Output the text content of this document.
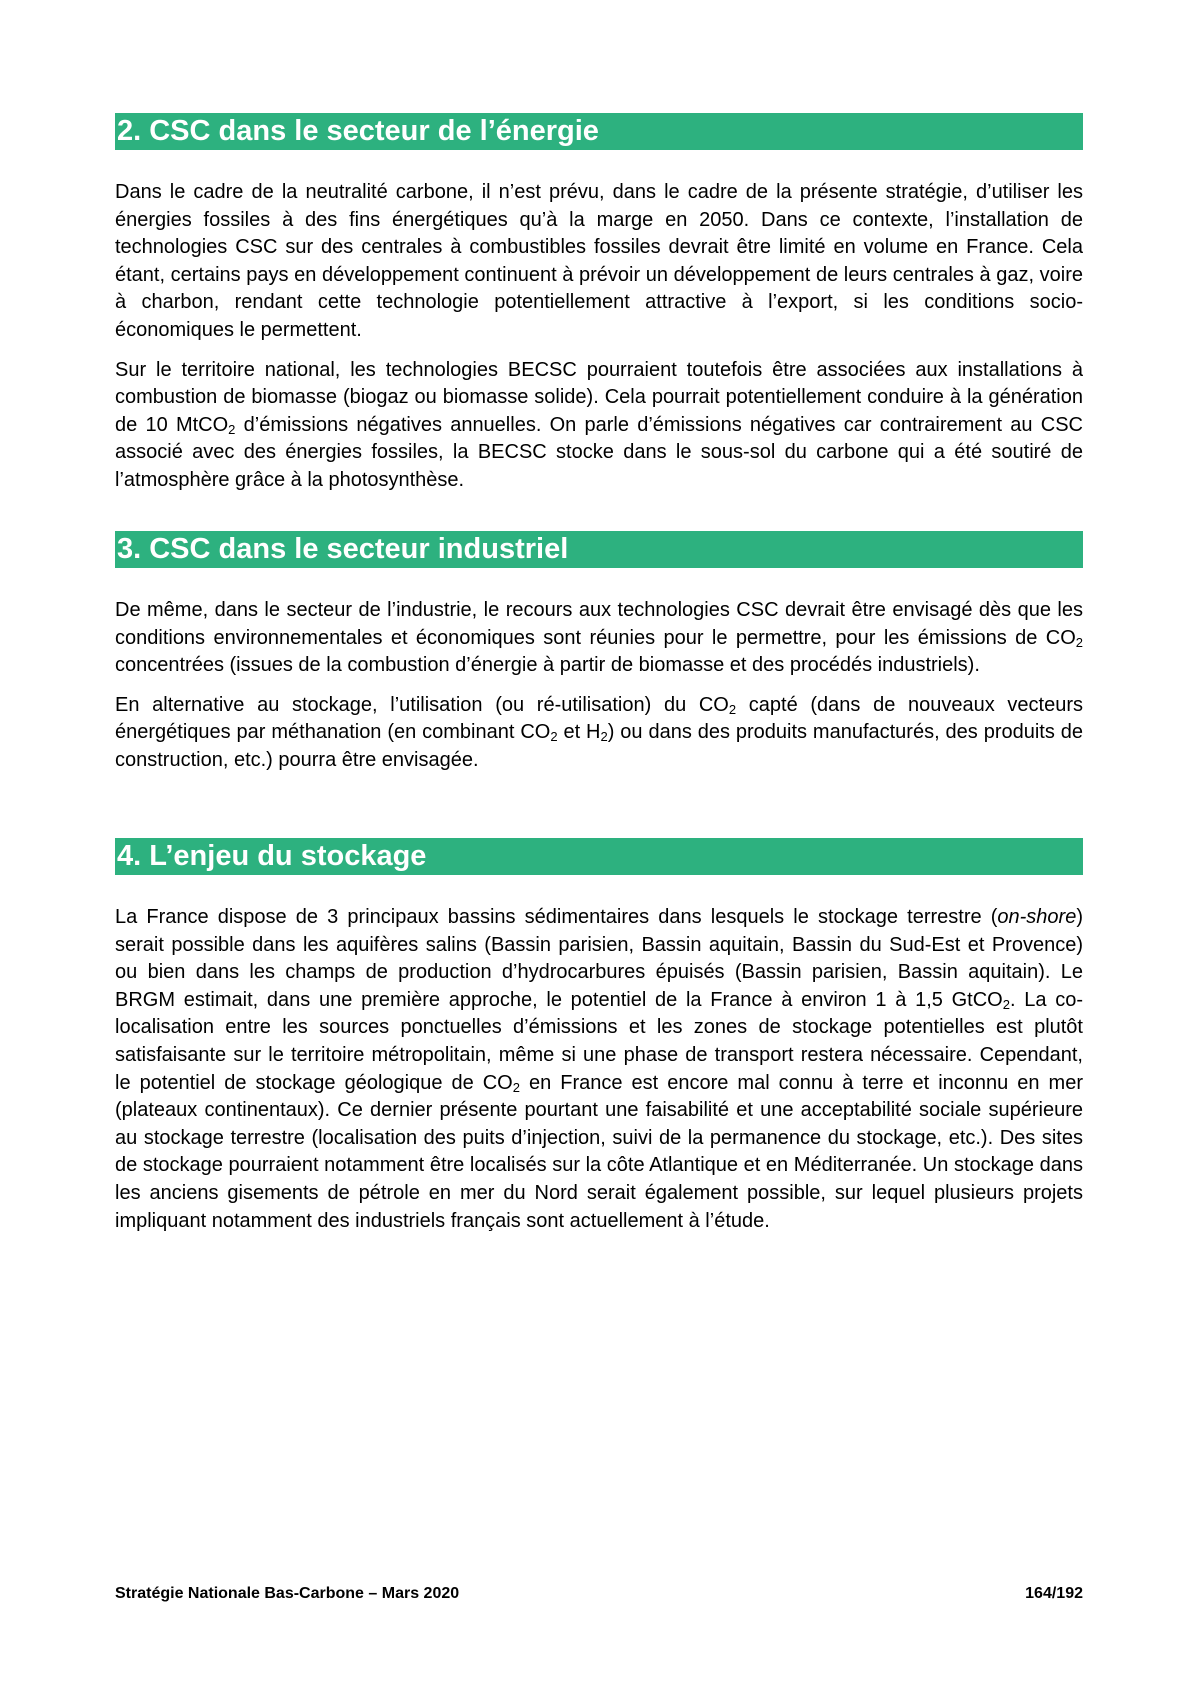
2. CSC dans le secteur de l’énergie

Dans le cadre de la neutralité carbone, il n’est prévu, dans le cadre de la présente stratégie, d’utiliser les énergies fossiles à des fins énergétiques qu’à la marge en 2050. Dans ce contexte, l’installation de technologies CSC sur des centrales à combustibles fossiles devrait être limité en volume en France. Cela étant, certains pays en développement continuent à prévoir un développement de leurs centrales à gaz, voire à charbon, rendant cette technologie potentiellement attractive à l’export, si les conditions socio-économiques le permettent.

Sur le territoire national, les technologies BECSC pourraient toutefois être associées aux installations à combustion de biomasse (biogaz ou biomasse solide). Cela pourrait potentiellement conduire à la génération de 10 MtCO$_2$ d’émissions négatives annuelles. On parle d’émissions négatives car contrairement au CSC associé avec des énergies fossiles, la BECSC stocke dans le sous-sol du carbone qui a été soutiré de l’atmosphère grâce à la photosynthèse.

3. CSC dans le secteur industriel

De même, dans le secteur de l’industrie, le recours aux technologies CSC devrait être envisagé dès que les conditions environnementales et économiques sont réunies pour le permettre, pour les émissions de $CO_2$ concentrées (issues de la combustion d’énergie à partir de biomasse et des procédés industriels).

En alternative au stockage, l’utilisation (ou ré-utilisation) du $CO_2$ capté (dans de nouveaux vecteurs énergétiques par méthanation (en combinant $CO_2$ et $H_2$) ou dans des produits manufacturés, des produits de construction, etc.) pourra être envisagée.

4. L’enjeu du stockage

La France dispose de 3 principaux bassins sédimentaires dans lesquels le stockage terrestre (on-shore) serait possible dans les aquifères salins (Bassin parisien, Bassin aquitain, Bassin du Sud-Est et Provence) ou bien dans les champs de production d’hydrocarbures épuisés (Bassin parisien, Bassin aquitain). Le BRGM estimait, dans une première approche, le potentiel de la France à environ 1 à 1,5 GtCO$_2$. La co-localisation entre les sources ponctuelles d’émissions et les zones de stockage potentielles est plutôt satisfaisante sur le territoire métropolitain, même si une phase de transport restera nécessaire. Cependant, le potentiel de stockage géologique de $CO_2$ en France est encore mal connu à terre et inconnu en mer (plateaux continentaux). Ce dernier présente pourtant une faisabilité et une acceptabilité sociale supérieure au stockage terrestre (localisation des puits d’injection, suivi de la permanence du stockage, etc.). Des sites de stockage pourraient notamment être localisés sur la côte Atlantique et en Méditerranée. Un stockage dans les anciens gisements de pétrole en mer du Nord serait également possible, sur lequel plusieurs projets impliquant notamment des industriels français sont actuellement à l’étude.

Stratégie Nationale Bas-Carbone – Mars 2020	164/192
